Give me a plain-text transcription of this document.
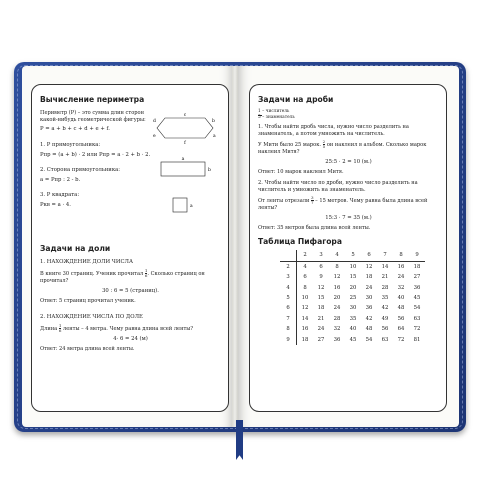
Вычисление периметра
Периметр (P) – это сумма длин сторон какой-нибудь геометрической фигуры:
P = a + b + c + d + e + f.
1. P прямоугольника:
Pпр = (a + b) · 2 или Pпр = a · 2 + b · 2.
2. Сторона прямоугольника:
a = Pпр : 2 - b.
3. P квадрата:
Pкв = a · 4.
c
b
d
a
e
f
a
b
a
Задачи на доли
1. НАХОЖДЕНИЕ ДОЛИ ЧИСЛА
В книге 30 страниц. Ученик прочитал $\frac{1}{6}$ . Сколько страниц он прочитал?
30 : 6 = 5 (страниц).
Ответ: 5 страниц прочитал ученик.
2. НАХОЖДЕНИЕ ЧИСЛА ПО ДОЛЕ
Длина $\frac{1}{6}$ ленты – 4 метра. Чему равна длина всей ленты?
4· 6 = 24 (м)
Ответ: 24 метра длина всей ленты.
Задачи на дроби
1 – числитель
5 – знаменатель
1. Чтобы найти дробь числа, нужно число разделить на знаменатель, а потом умножить на числитель.
У Мити было 25 марок. $\frac{2}{5}$ он наклеил в альбом. Сколько марок наклеил Митя?
25:5 · 2 = 10 (м.)
Ответ: 10 марок наклеил Митя.
2. Чтобы найти число по дроби, нужно число разделить на числитель и умножить на знаменатель.
От ленты отрезали $\frac{3}{7} - 15$ метров. Чему равна была длина всей ленты?
15:3 · 7 = 35 (м.)
Ответ: 35 метров была длина всей ленты.
Таблица Пифагора
	2	3	4	5	6	7	8	9
2	4	6	8	10	12	14	16	18
3	6	9	12	15	18	21	24	27
4	8	12	16	20	24	28	32	36
5	10	15	20	25	30	35	40	45
6	12	18	24	30	36	42	48	54
7	14	21	28	35	42	49	56	63
8	16	24	32	40	48	56	64	72
9	18	27	36	45	54	63	72	81
